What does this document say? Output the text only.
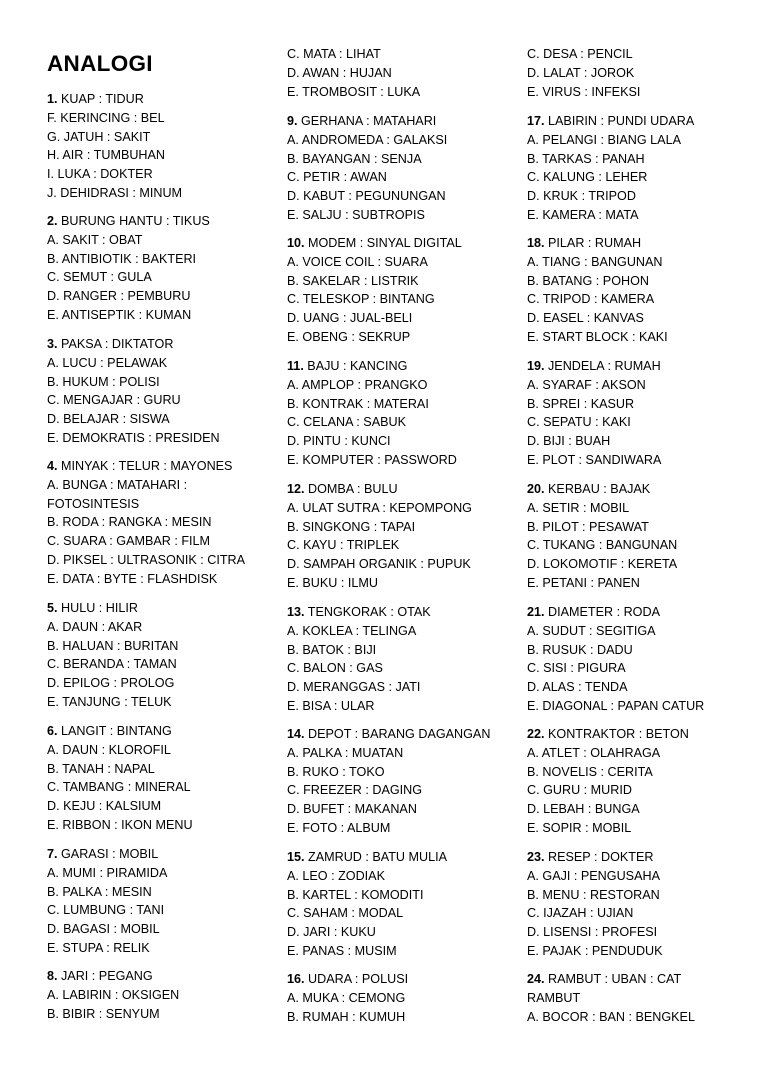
ANALOGI
1. KUAP : TIDUR
F. KERINCING : BEL
G. JATUH : SAKIT
H. AIR : TUMBUHAN
I. LUKA : DOKTER
J. DEHIDRASI : MINUM
2. BURUNG HANTU : TIKUS
A. SAKIT : OBAT
B. ANTIBIOTIK : BAKTERI
C. SEMUT : GULA
D. RANGER : PEMBURU
E. ANTISEPTIK : KUMAN
3. PAKSA : DIKTATOR
A. LUCU : PELAWAK
B. HUKUM : POLISI
C. MENGAJAR : GURU
D. BELAJAR : SISWA
E. DEMOKRATIS : PRESIDEN
4. MINYAK : TELUR : MAYONES
A. BUNGA : MATAHARI :
FOTOSINTESIS
B. RODA : RANGKA : MESIN
C. SUARA : GAMBAR : FILM
D. PIKSEL : ULTRASONIK : CITRA
E. DATA : BYTE : FLASHDISK
5. HULU : HILIR
A. DAUN : AKAR
B. HALUAN : BURITAN
C. BERANDA : TAMAN
D. EPILOG : PROLOG
E. TANJUNG : TELUK
6. LANGIT : BINTANG
A. DAUN : KLOROFIL
B. TANAH : NAPAL
C. TAMBANG : MINERAL
D. KEJU : KALSIUM
E. RIBBON : IKON MENU
7. GARASI : MOBIL
A. MUMI : PIRAMIDA
B. PALKA : MESIN
C. LUMBUNG : TANI
D. BAGASI : MOBIL
E. STUPA : RELIK
8. JARI : PEGANG
A. LABIRIN : OKSIGEN
B. BIBIR : SENYUM
C. MATA : LIHAT
D. AWAN : HUJAN
E. TROMBOSIT : LUKA
9. GERHANA : MATAHARI
A. ANDROMEDA : GALAKSI
B. BAYANGAN : SENJA
C. PETIR : AWAN
D. KABUT : PEGUNUNGAN
E. SALJU : SUBTROPIS
10. MODEM : SINYAL DIGITAL
A. VOICE COIL : SUARA
B. SAKELAR : LISTRIK
C. TELESKOP : BINTANG
D. UANG : JUAL-BELI
E. OBENG : SEKRUP
11. BAJU : KANCING
A. AMPLOP : PRANGKO
B. KONTRAK : MATERAI
C. CELANA : SABUK
D. PINTU : KUNCI
E. KOMPUTER : PASSWORD
12. DOMBA : BULU
A. ULAT SUTRA : KEPOMPONG
B. SINGKONG : TAPAI
C. KAYU : TRIPLEK
D. SAMPAH ORGANIK : PUPUK
E. BUKU : ILMU
13. TENGKORAK : OTAK
A. KOKLEA : TELINGA
B. BATOK : BIJI
C. BALON : GAS
D. MERANGGAS : JATI
E. BISA : ULAR
14. DEPOT : BARANG DAGANGAN
A. PALKA : MUATAN
B. RUKO : TOKO
C. FREEZER : DAGING
D. BUFET : MAKANAN
E. FOTO : ALBUM
15. ZAMRUD : BATU MULIA
A. LEO : ZODIAK
B. KARTEL : KOMODITI
C. SAHAM : MODAL
D. JARI : KUKU
E. PANAS : MUSIM
16. UDARA : POLUSI
A. MUKA : CEMONG
B. RUMAH : KUMUH
C. DESA : PENCIL
D. LALAT : JOROK
E. VIRUS : INFEKSI
17. LABIRIN : PUNDI UDARA
A. PELANGI : BIANG LALA
B. TARKAS : PANAH
C. KALUNG : LEHER
D. KRUK : TRIPOD
E. KAMERA : MATA
18. PILAR : RUMAH
A. TIANG : BANGUNAN
B. BATANG : POHON
C. TRIPOD : KAMERA
D. EASEL : KANVAS
E. START BLOCK : KAKI
19. JENDELA : RUMAH
A. SYARAF : AKSON
B. SPREI : KASUR
C. SEPATU : KAKI
D. BIJI : BUAH
E. PLOT : SANDIWARA
20. KERBAU : BAJAK
A. SETIR : MOBIL
B. PILOT : PESAWAT
C. TUKANG : BANGUNAN
D. LOKOMOTIF : KERETA
E. PETANI : PANEN
21. DIAMETER : RODA
A. SUDUT : SEGITIGA
B. RUSUK : DADU
C. SISI : PIGURA
D. ALAS : TENDA
E. DIAGONAL : PAPAN CATUR
22. KONTRAKTOR : BETON
A. ATLET : OLAHRAGA
B. NOVELIS : CERITA
C. GURU : MURID
D. LEBAH : BUNGA
E. SOPIR : MOBIL
23. RESEP : DOKTER
A. GAJI : PENGUSAHA
B. MENU : RESTORAN
C. IJAZAH : UJIAN
D. LISENSI : PROFESI
E. PAJAK : PENDUDUK
24. RAMBUT : UBAN : CAT
RAMBUT
A. BOCOR : BAN : BENGKEL
